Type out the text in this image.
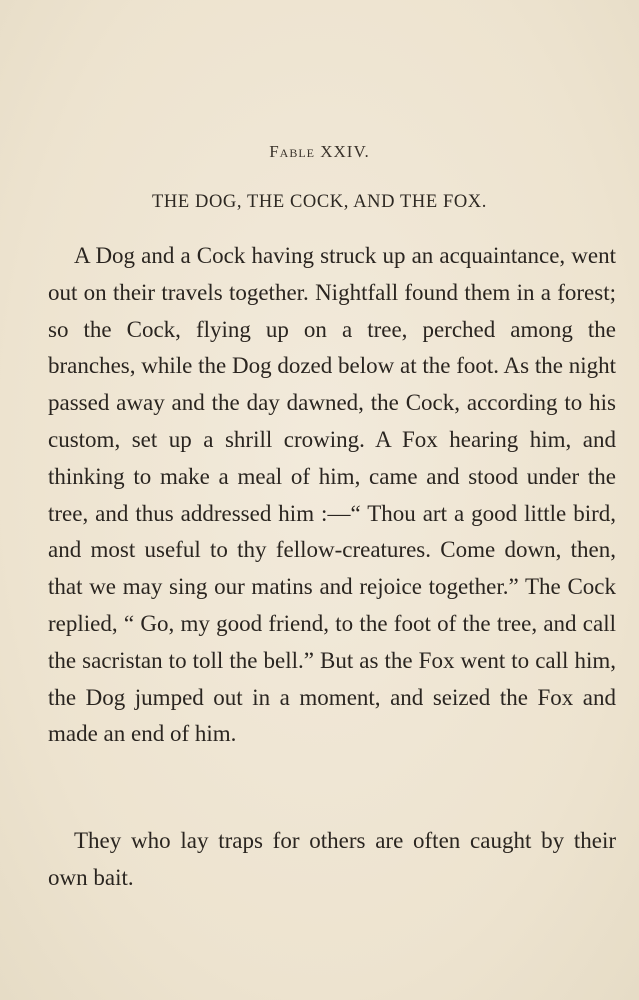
Fable XXIV.
THE DOG, THE COCK, AND THE FOX.

A Dog and a Cock having struck up an acquaintance, went out on their travels together. Nightfall found them in a forest; so the Cock, flying up on a tree, perched among the branches, while the Dog dozed below at the foot. As the night passed away and the day dawned, the Cock, according to his custom, set up a shrill crowing. A Fox hearing him, and thinking to make a meal of him, came and stood under the tree, and thus addressed him :—“ Thou art a good little bird, and most useful to thy fellow-creatures. Come down, then, that we may sing our matins and rejoice together.” The Cock replied, “ Go, my good friend, to the foot of the tree, and call the sacristan to toll the bell.” But as the Fox went to call him, the Dog jumped out in a moment, and seized the Fox and made an end of him.

They who lay traps for others are often caught by their own bait.
